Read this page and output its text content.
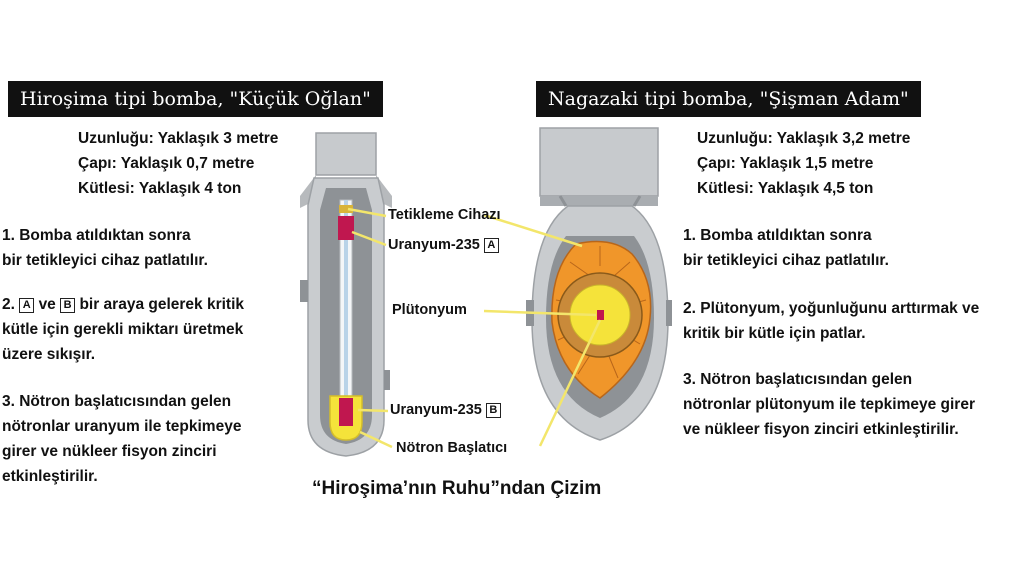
Hiroşima tipi bomba, "Küçük Oğlan"	Nagazaki tipi bomba, "Şişman Adam"
Uzunluğu: Yaklaşık 3 metre
Çapı: Yaklaşık 0,7 metre
Kütlesi: Yaklaşık 4 ton
1. Bomba atıldıktan sonra
bir tetikleyici cihaz patlatılır.
2. A ve B bir araya gelerek kritik
kütle için gerekli miktarı üretmek
üzere sıkışır.
3. Nötron başlatıcısından gelen
nötronlar uranyum ile tepkimeye
girer ve nükleer fisyon zinciri
etkinleştirilir.
Tetikleme Cihazı
Uranyum-235 A
Plütonyum
Uranyum-235 B
Nötron Başlatıcı
Uzunluğu: Yaklaşık 3,2 metre
Çapı: Yaklaşık 1,5 metre
Kütlesi: Yaklaşık 4,5 ton
1. Bomba atıldıktan sonra
bir tetikleyici cihaz patlatılır.
2. Plütonyum, yoğunluğunu arttırmak ve
kritik bir kütle için patlar.
3. Nötron başlatıcısından gelen
nötronlar plütonyum ile tepkimeye girer
ve nükleer fisyon zinciri etkinleştirilir.
“Hiroşima’nın Ruhu”ndan Çizim
